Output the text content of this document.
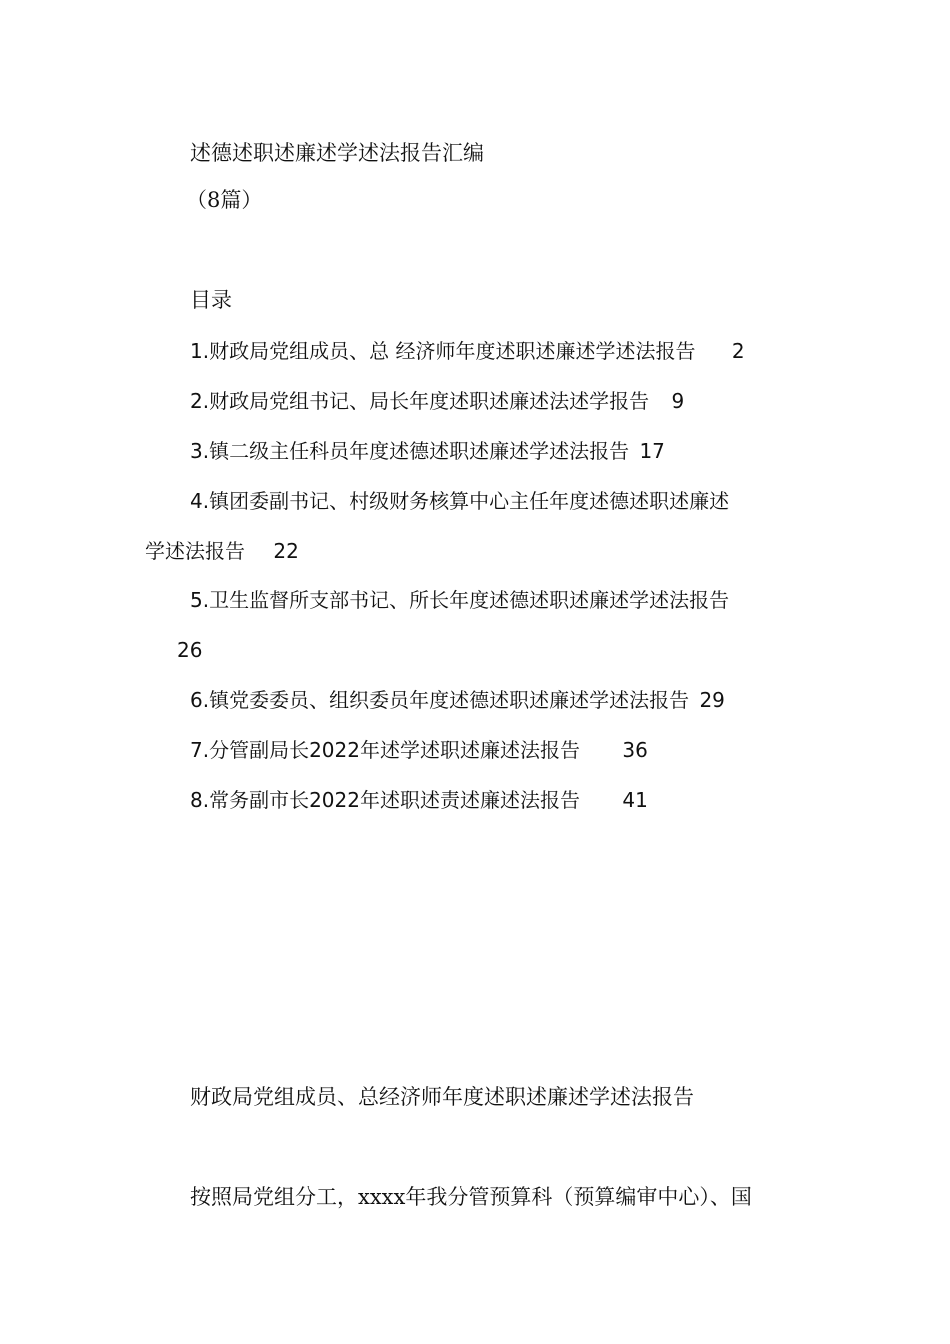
述德述职述廉述学述法报告汇编
（8篇）
目录
1.财政局党组成员、总 经济师年度述职述廉述学述法报告 2
2.财政局党组书记、局长年度述职述廉述法述学报告 9
3.镇二级主任科员年度述德述职述廉述学述法报告 17
4.镇团委副书记、村级财务核算中心主任年度述德述职述廉述
学述法报告 22
5.卫生监督所支部书记、所长年度述德述职述廉述学述法报告
26
6.镇党委委员、组织委员年度述德述职述廉述学述法报告 29
7.分管副局长2022年述学述职述廉述法报告 36
8.常务副市长2022年述职述责述廉述法报告 41
财政局党组成员、总经济师年度述职述廉述学述法报告
按照局党组分工，xxxx年我分管预算科（预算编审中心）、国
